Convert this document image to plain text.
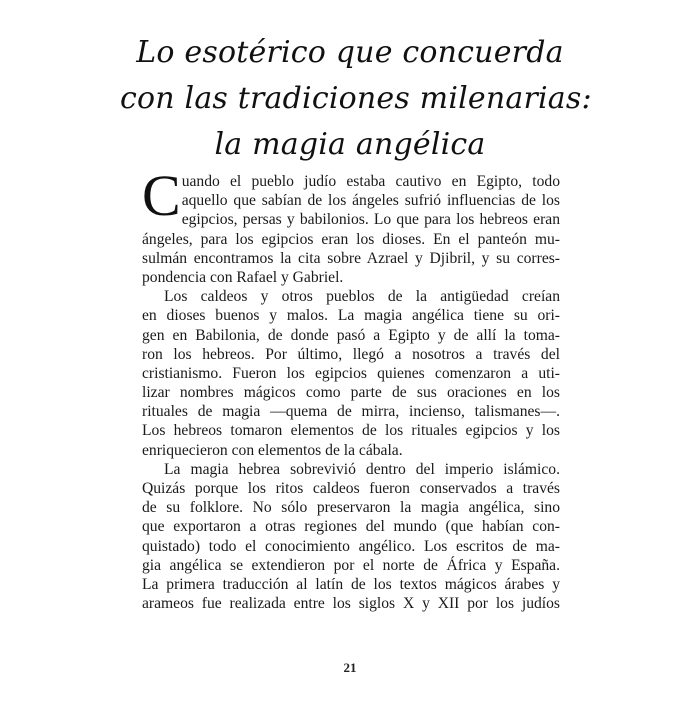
Lo esotérico que concuerda
con las tradiciones milenarias:
la magia angélica
C uando el pueblo judío estaba cautivo en Egipto, todo
aquello que sabían de los ángeles sufrió influencias de los
egipcios, persas y babilonios. Lo que para los hebreos eran
ángeles, para los egipcios eran los dioses. En el panteón mu-
sulmán encontramos la cita sobre Azrael y Djibril, y su corres-
pondencia con Rafael y Gabriel.
Los caldeos y otros pueblos de la antigüedad creían
en dioses buenos y malos. La magia angélica tiene su ori-
gen en Babilonia, de donde pasó a Egipto y de allí la toma-
ron los hebreos. Por último, llegó a nosotros a través del
cristianismo. Fueron los egipcios quienes comenzaron a uti-
lizar nombres mágicos como parte de sus oraciones en los
rituales de magia —quema de mirra, incienso, talismanes—.
Los hebreos tomaron elementos de los rituales egipcios y los
enriquecieron con elementos de la cábala.
La magia hebrea sobrevivió dentro del imperio islámico.
Quizás porque los ritos caldeos fueron conservados a través
de su folklore. No sólo preservaron la magia angélica, sino
que exportaron a otras regiones del mundo (que habían con-
quistado) todo el conocimiento angélico. Los escritos de ma-
gia angélica se extendieron por el norte de África y España.
La primera traducción al latín de los textos mágicos árabes y
arameos fue realizada entre los siglos X y XII por los judíos
21
